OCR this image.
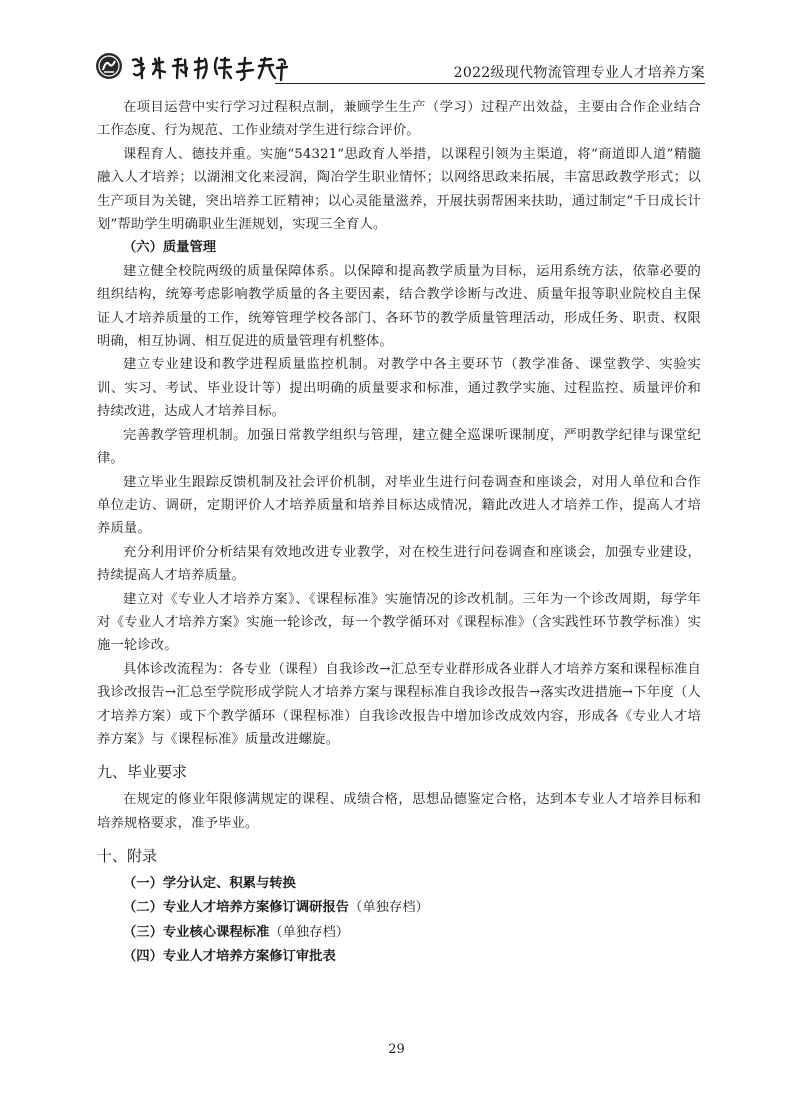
2022级现代物流管理专业人才培养方案

在项目运营中实行学习过程积点制，兼顾学生生产（学习）过程产出效益，主要由合作企业结合工作态度、行为规范、工作业绩对学生进行综合评价。

课程育人、德技并重。实施“54321”思政育人举措，以课程引领为主渠道，将“商道即人道”精髓融入人才培养；以湖湘文化来浸润，陶冶学生职业情怀；以网络思政来拓展，丰富思政教学形式；以生产项目为关键，突出培养工匠精神；以心灵能量滋养，开展扶弱帮困来扶助，通过制定“千日成长计划”帮助学生明确职业生涯规划，实现三全育人。

（六）质量管理

建立健全校院两级的质量保障体系。以保障和提高教学质量为目标，运用系统方法，依靠必要的组织结构，统筹考虑影响教学质量的各主要因素，结合教学诊断与改进、质量年报等职业院校自主保证人才培养质量的工作，统筹管理学校各部门、各环节的教学质量管理活动，形成任务、职责、权限明确，相互协调、相互促进的质量管理有机整体。

建立专业建设和教学进程质量监控机制。对教学中各主要环节（教学准备、课堂教学、实验实训、实习、考试、毕业设计等）提出明确的质量要求和标准，通过教学实施、过程监控、质量评价和持续改进，达成人才培养目标。

完善教学管理机制。加强日常教学组织与管理，建立健全巡课听课制度，严明教学纪律与课堂纪律。

建立毕业生跟踪反馈机制及社会评价机制，对毕业生进行问卷调查和座谈会，对用人单位和合作单位走访、调研，定期评价人才培养质量和培养目标达成情况，籍此改进人才培养工作，提高人才培养质量。

充分利用评价分析结果有效地改进专业教学，对在校生进行问卷调查和座谈会，加强专业建设，持续提高人才培养质量。

建立对《专业人才培养方案》、《课程标准》实施情况的诊改机制。三年为一个诊改周期，每学年对《专业人才培养方案》实施一轮诊改，每一个教学循环对《课程标准》（含实践性环节教学标准）实施一轮诊改。

具体诊改流程为：各专业（课程）自我诊改→汇总至专业群形成各业群人才培养方案和课程标准自我诊改报告→汇总至学院形成学院人才培养方案与课程标准自我诊改报告→落实改进措施→下年度（人才培养方案）或下个教学循环（课程标准）自我诊改报告中增加诊改成效内容，形成各《专业人才培养方案》与《课程标准》质量改进螺旋。

九、毕业要求

在规定的修业年限修满规定的课程、成绩合格，思想品德鉴定合格，达到本专业人才培养目标和培养规格要求，准予毕业。

十、附录

（一）学分认定、积累与转换

（二）专业人才培养方案修订调研报告（单独存档）

（三）专业核心课程标准（单独存档）

（四）专业人才培养方案修订审批表

29
